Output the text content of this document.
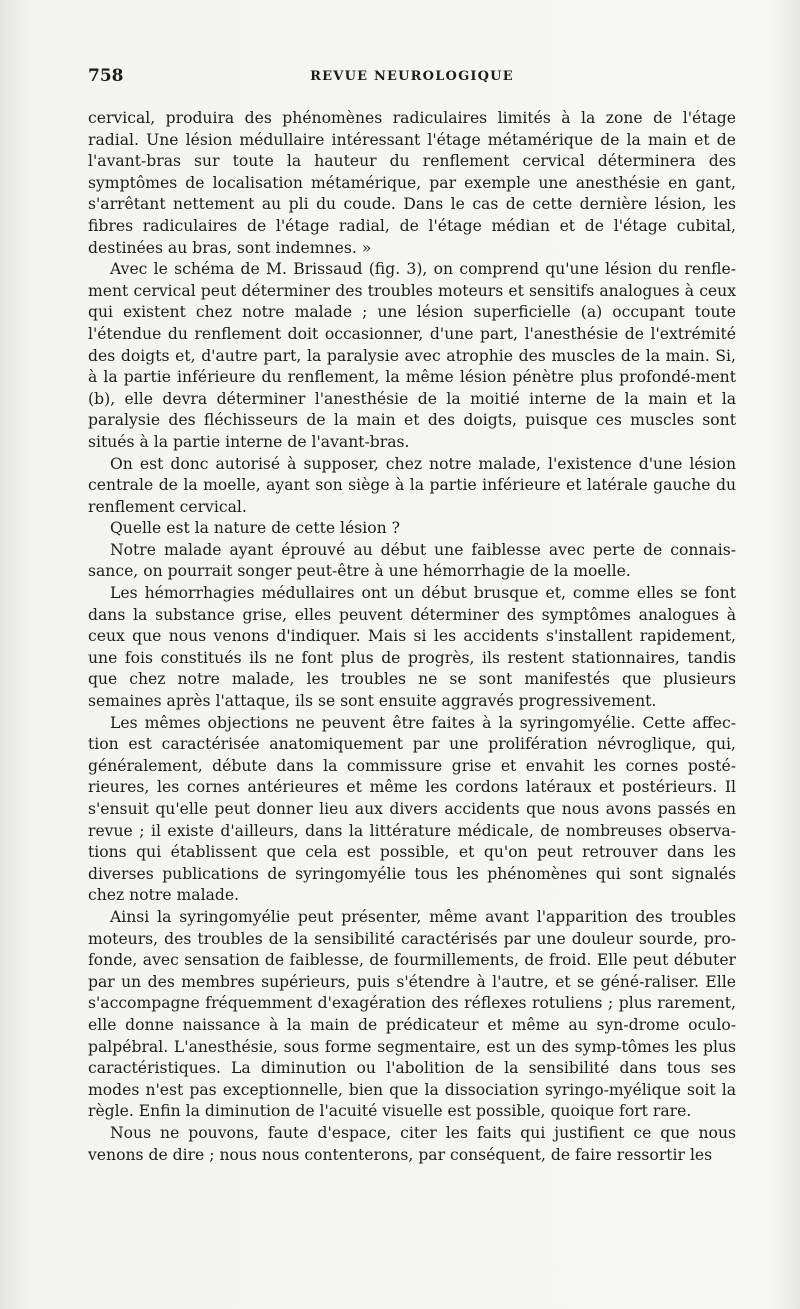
758	REVUE NEUROLOGIQUE

cervical, produira des phénomènes radiculaires limités à la zone de l'étage radial. Une lésion médullaire intéressant l'étage métamérique de la main et de l'avant-bras sur toute la hauteur du renflement cervical déterminera des symptômes de localisation métamérique, par exemple une anesthésie en gant, s'arrêtant nettement au pli du coude. Dans le cas de cette dernière lésion, les fibres radiculaires de l'étage radial, de l'étage médian et de l'étage cubital, destinées au bras, sont indemnes. »

Avec le schéma de M. Brissaud (fig. 3), on comprend qu'une lésion du renfle-ment cervical peut déterminer des troubles moteurs et sensitifs analogues à ceux qui existent chez notre malade ; une lésion superficielle (a) occupant toute l'étendue du renflement doit occasionner, d'une part, l'anesthésie de l'extrémité des doigts et, d'autre part, la paralysie avec atrophie des muscles de la main. Si, à la partie inférieure du renflement, la même lésion pénètre plus profondé-ment (b), elle devra déterminer l'anesthésie de la moitié interne de la main et la paralysie des fléchisseurs de la main et des doigts, puisque ces muscles sont situés à la partie interne de l'avant-bras.

On est donc autorisé à supposer, chez notre malade, l'existence d'une lésion centrale de la moelle, ayant son siège à la partie inférieure et latérale gauche du renflement cervical.

Quelle est la nature de cette lésion ?

Notre malade ayant éprouvé au début une faiblesse avec perte de connais-sance, on pourrait songer peut-être à une hémorrhagie de la moelle.

Les hémorrhagies médullaires ont un début brusque et, comme elles se font dans la substance grise, elles peuvent déterminer des symptômes analogues à ceux que nous venons d'indiquer. Mais si les accidents s'installent rapidement, une fois constitués ils ne font plus de progrès, ils restent stationnaires, tandis que chez notre malade, les troubles ne se sont manifestés que plusieurs semaines après l'attaque, ils se sont ensuite aggravés progressivement.

Les mêmes objections ne peuvent être faites à la syringomyélie. Cette affec-tion est caractérisée anatomiquement par une prolifération névroglique, qui, généralement, débute dans la commissure grise et envahit les cornes posté-rieures, les cornes antérieures et même les cordons latéraux et postérieurs. Il s'ensuit qu'elle peut donner lieu aux divers accidents que nous avons passés en revue ; il existe d'ailleurs, dans la littérature médicale, de nombreuses observa-tions qui établissent que cela est possible, et qu'on peut retrouver dans les diverses publications de syringomyélie tous les phénomènes qui sont signalés chez notre malade.

Ainsi la syringomyélie peut présenter, même avant l'apparition des troubles moteurs, des troubles de la sensibilité caractérisés par une douleur sourde, pro-fonde, avec sensation de faiblesse, de fourmillements, de froid. Elle peut débuter par un des membres supérieurs, puis s'étendre à l'autre, et se géné-raliser. Elle s'accompagne fréquemment d'exagération des réflexes rotuliens ; plus rarement, elle donne naissance à la main de prédicateur et même au syn-drome oculo-palpébral. L'anesthésie, sous forme segmentaire, est un des symp-tômes les plus caractéristiques. La diminution ou l'abolition de la sensibilité dans tous ses modes n'est pas exceptionnelle, bien que la dissociation syringo-myélique soit la règle. Enfin la diminution de l'acuité visuelle est possible, quoique fort rare.

Nous ne pouvons, faute d'espace, citer les faits qui justifient ce que nous venons de dire ; nous nous contenterons, par conséquent, de faire ressortir les
